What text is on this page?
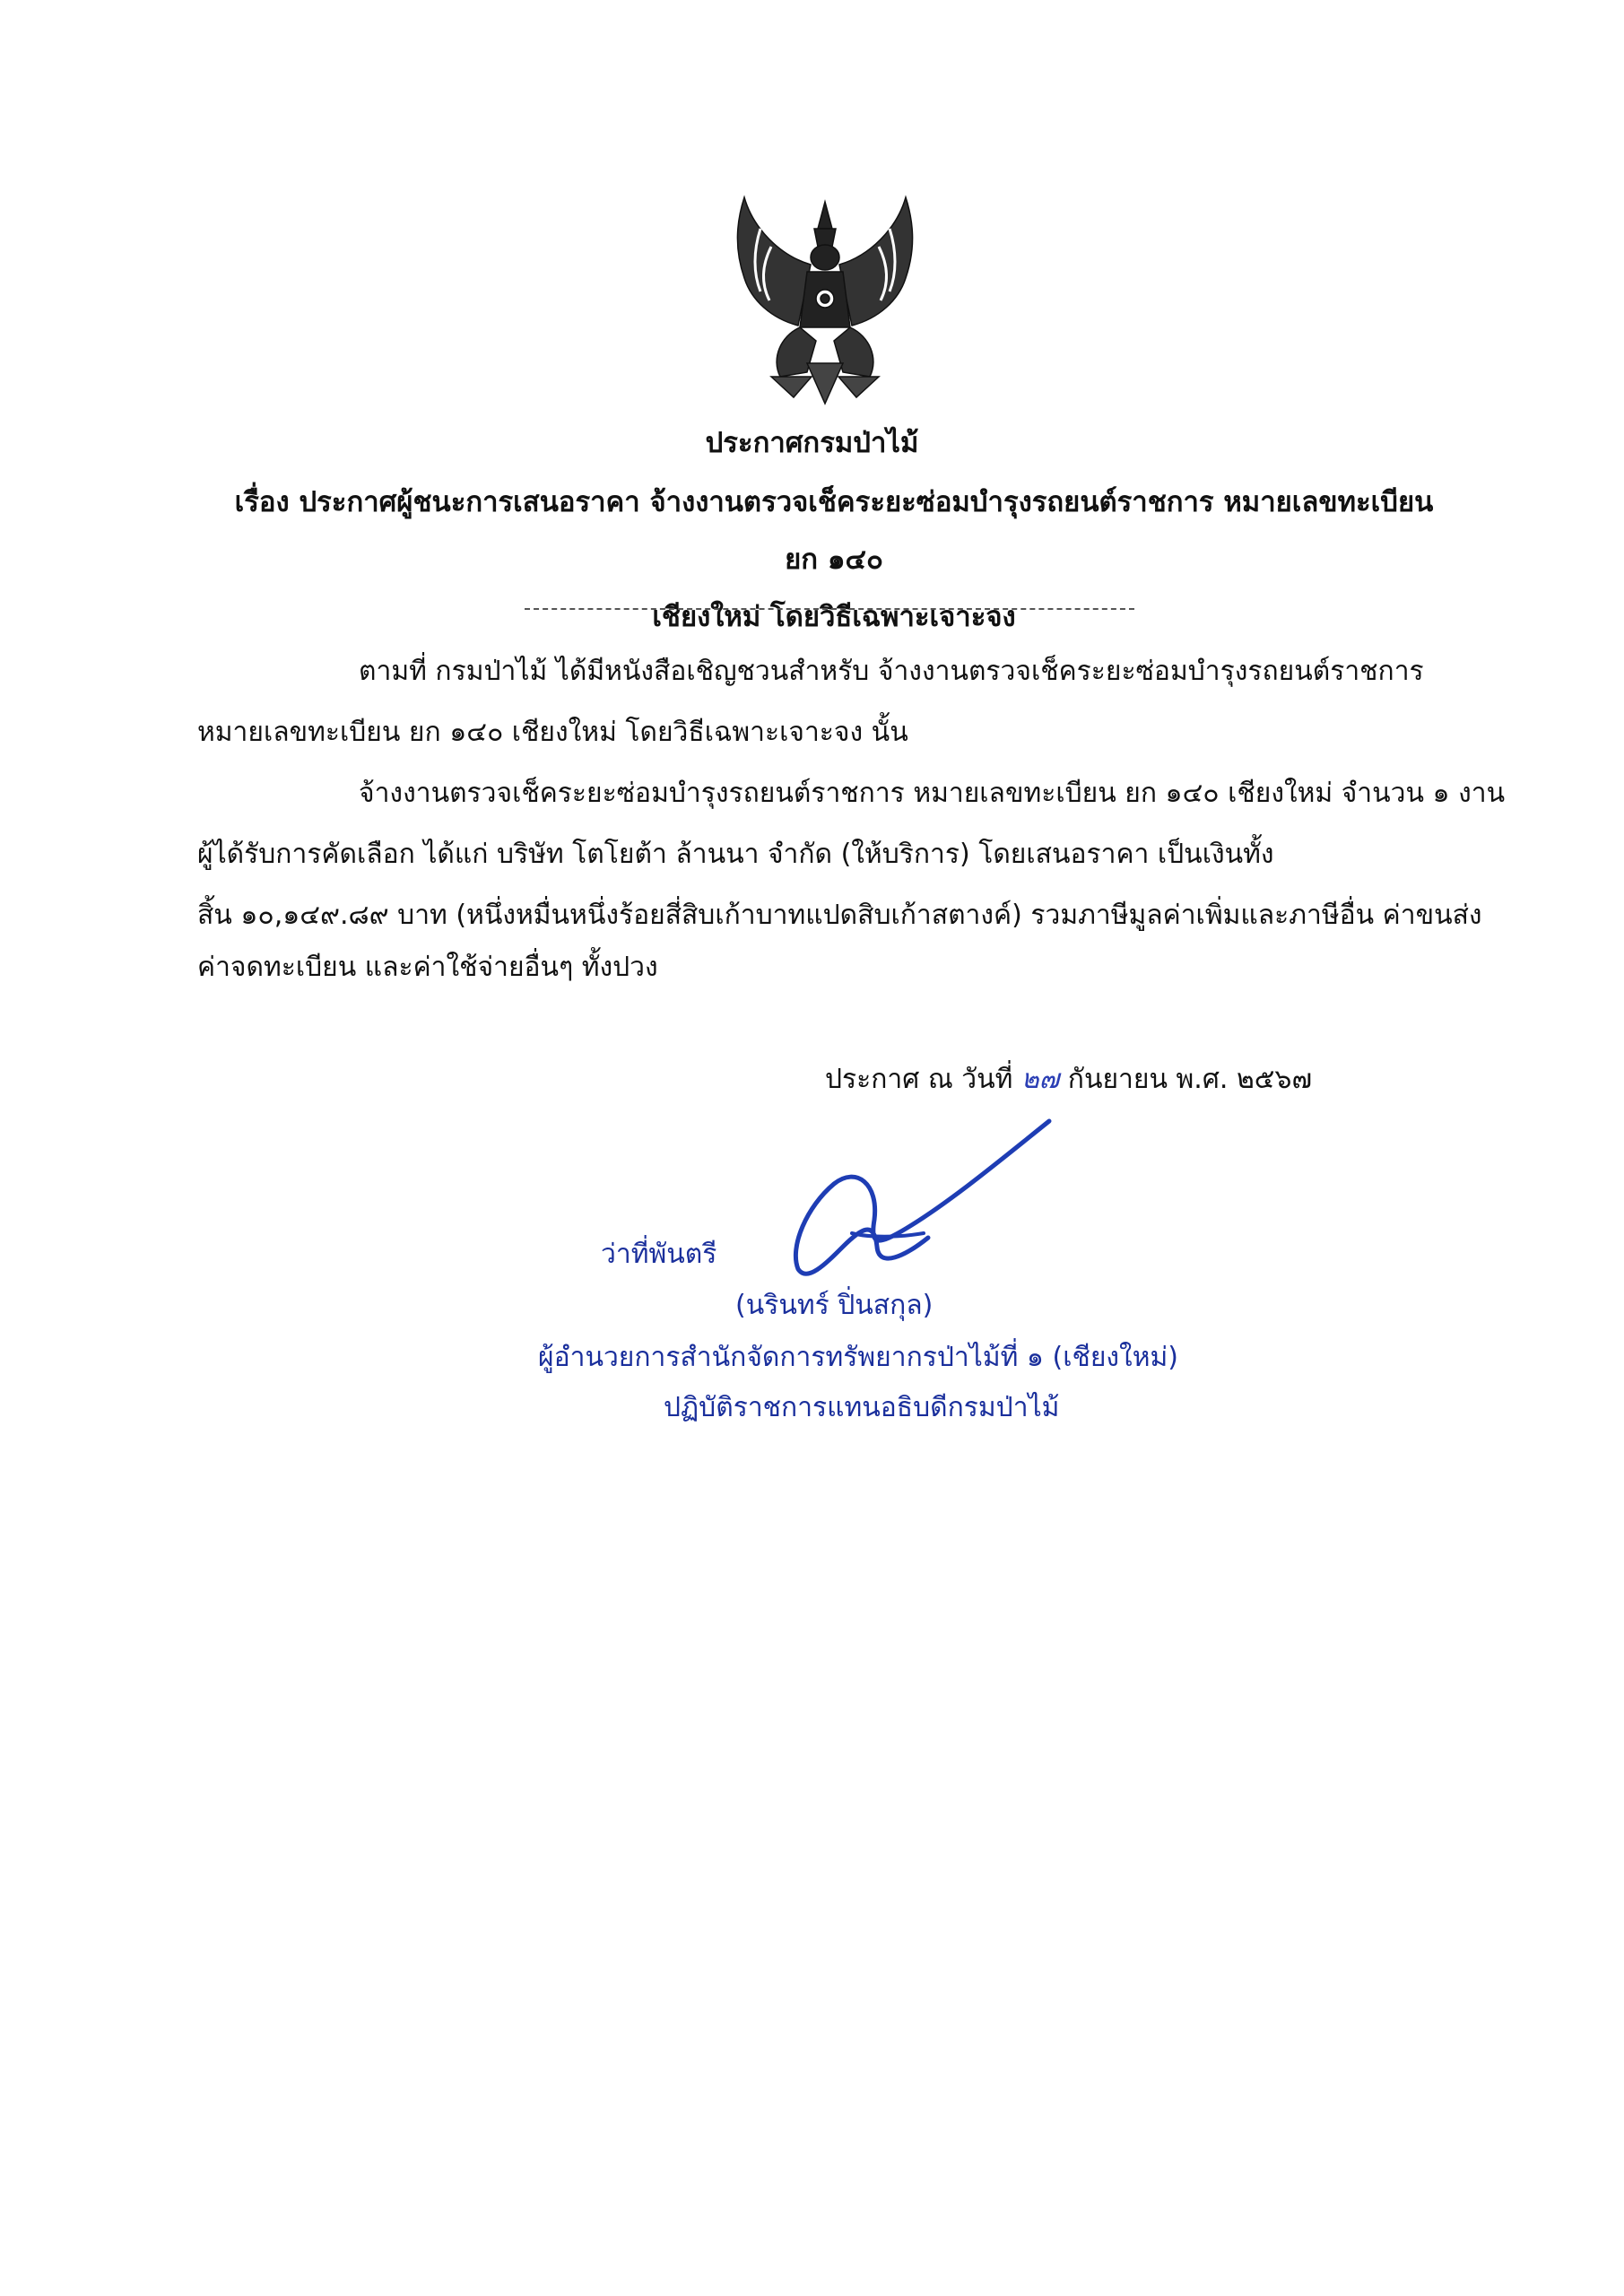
ประกาศกรมป่าไม้
เรื่อง ประกาศผู้ชนะการเสนอราคา จ้างงานตรวจเช็คระยะซ่อมบำรุงรถยนต์ราชการ หมายเลขทะเบียน ยก ๑๔๐
เชียงใหม่ โดยวิธีเฉพาะเจาะจง
ตามที่ กรมป่าไม้ ได้มีหนังสือเชิญชวนสำหรับ จ้างงานตรวจเช็คระยะซ่อมบำรุงรถยนต์ราชการ
หมายเลขทะเบียน ยก ๑๔๐ เชียงใหม่ โดยวิธีเฉพาะเจาะจง นั้น
จ้างงานตรวจเช็คระยะซ่อมบำรุงรถยนต์ราชการ หมายเลขทะเบียน ยก ๑๔๐ เชียงใหม่ จำนวน ๑ งาน
ผู้ได้รับการคัดเลือก ได้แก่ บริษัท โตโยต้า ล้านนา จำกัด (ให้บริการ) โดยเสนอราคา เป็นเงินทั้ง
สิ้น ๑๐,๑๔๙.๘๙ บาท (หนึ่งหมื่นหนึ่งร้อยสี่สิบเก้าบาทแปดสิบเก้าสตางค์) รวมภาษีมูลค่าเพิ่มและภาษีอื่น ค่าขนส่ง
ค่าจดทะเบียน และค่าใช้จ่ายอื่นๆ ทั้งปวง
ประกาศ ณ วันที่ ๒๗ กันยายน พ.ศ. ๒๕๖๗
ว่าที่พันตรี
(นรินทร์ ปิ่นสกุล)
ผู้อำนวยการสำนักจัดการทรัพยากรป่าไม้ที่ ๑ (เชียงใหม่)
ปฏิบัติราชการแทนอธิบดีกรมป่าไม้
